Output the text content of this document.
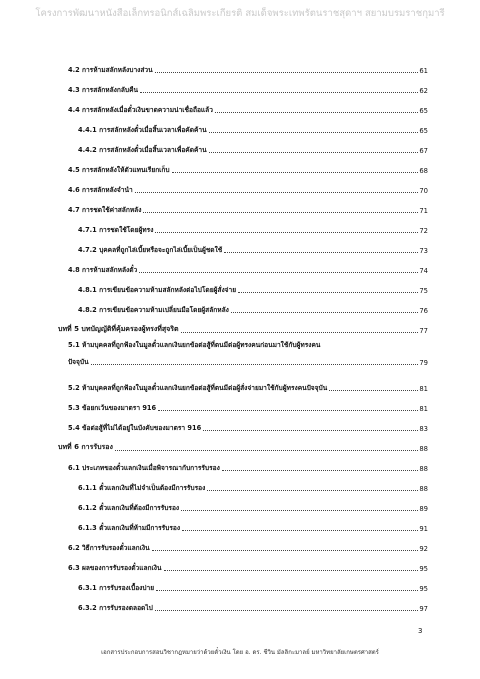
โครงการพัฒนาหนังสือเล็กทรอนิกส์เฉลิมพระเกียรติ สมเด็จพระเทพรัตนราชสุดาฯ สยามบรมราชกุมารี
4.2 การห้ามสลักหลังบางส่วน	61
4.3 การสลักหลังกลับคืน	62
4.4 การสลักหลังเมื่อตั๋วเงินขาดความน่าเชื่อถือแล้ว	65
4.4.1 การสลักหลังตั๋วเมื่อสิ้นเวลาเพื่อคัดค้าน	65
4.4.2 การสลักหลังตั๋วเมื่อสิ้นเวลาเพื่อคัดค้าน	67
4.5 การสลักหลังให้ตัวแทนเรียกเก็บ	68
4.6 การสลักหลังจำนำ	70
4.7 การชดใช้ค่าสลักหลัง	71
4.7.1 การชดใช้โดยผู้ทรง	72
4.7.2 บุคคลที่ถูกไล่เบี้ยหรือจะถูกไล่เบี้ยเป็นผู้ชดใช้	73
4.8 การห้ามสลักหลังตั๋ว	74
4.8.1 การเขียนข้อความห้ามสลักหลังต่อไปโดยผู้สั่งจ่าย	75
4.8.2 การเขียนข้อความห้ามเปลี่ยนมือโดยผู้สลักหลัง	76
บทที่ 5 บทบัญญัติที่คุ้มครองผู้ทรงที่สุจริต	77
5.1 ห้ามบุคคลที่ถูกฟ้องในมูลตั๋วแลกเงินยกข้อต่อสู้ที่ตนมีต่อผู้ทรงคนก่อนมาใช้กับผู้ทรงคน
ปัจจุบัน	79
5.2 ห้ามบุคคลที่ถูกฟ้องในมูลตั๋วแลกเงินยกข้อต่อสู้ที่ตนมีต่อผู้สั่งจ่ายมาใช้กับผู้ทรงคนปัจจุบัน	81
5.3 ข้อยกเว้นของมาตรา 916	81
5.4 ข้อต่อสู้ที่ไม่ได้อยู่ในบังคับของมาตรา 916	83
บทที่ 6 การรับรอง	88
6.1 ประเภทของตั๋วแลกเงินเมื่อพิจารณากับการรับรอง	88
6.1.1 ตั๋วแลกเงินที่ไม่จำเป็นต้องมีการรับรอง	88
6.1.2 ตั๋วแลกเงินที่ต้องมีการรับรอง	89
6.1.3 ตั๋วแลกเงินที่ห้ามมีการรับรอง	91
6.2 วิธีการรับรองตั๋วแลกเงิน	92
6.3 ผลของการรับรองตั๋วแลกเงิน	95
6.3.1 การรับรองเบื้องบ่าย	95
6.3.2 การรับรองตลอดไป	97
3
เอกสารประกอบการสอนวิชากฎหมายว่าด้วยตั๋วเงิน โดย อ. ดร. ชีวิน มัลลิกะมาลย์ มหาวิทยาลัยเกษตรศาสตร์
